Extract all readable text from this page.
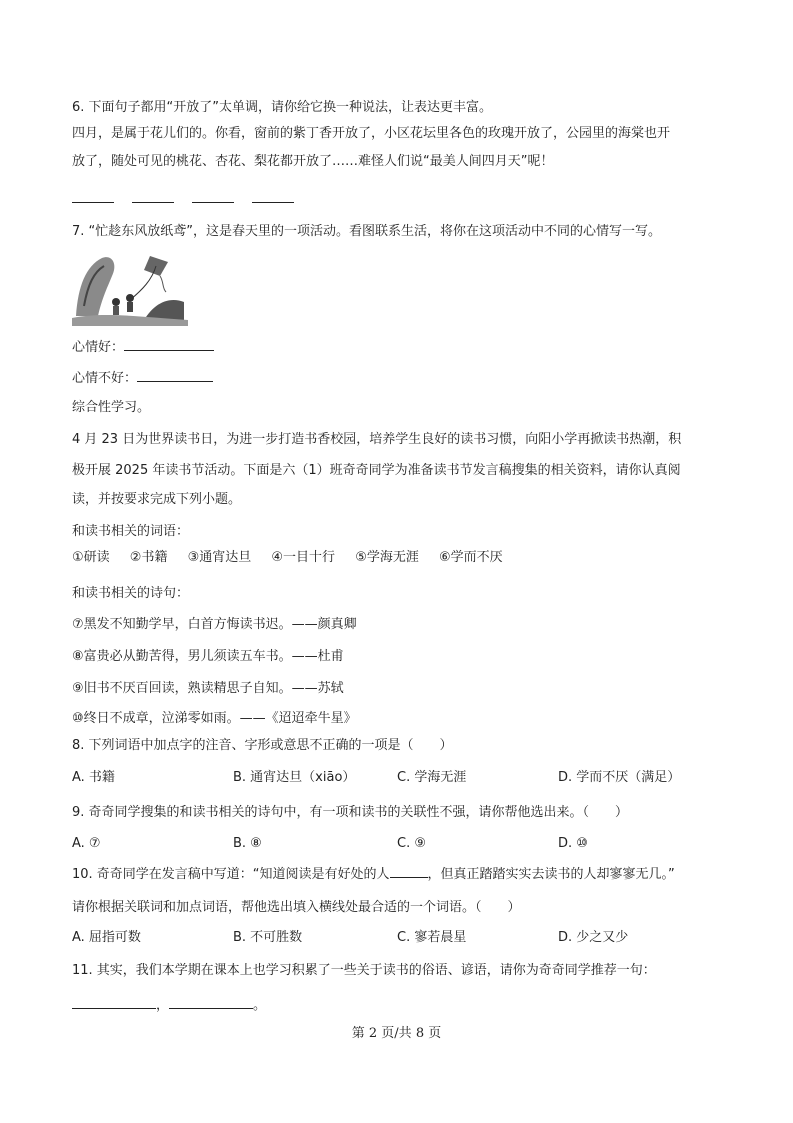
6. 下面句子都用“开放了”太单调，请你给它换一种说法，让表达更丰富。
四月，是属于花儿们的。你看，窗前的紫丁香开放了，小区花坛里各色的玫瑰开放了，公园里的海棠也开
放了，随处可见的桃花、杏花、梨花都开放了……难怪人们说“最美人间四月天”呢！

7. “忙趁东风放纸鸢”，这是春天里的一项活动。看图联系生活，将你在这项活动中不同的心情写一写。
心情好：
心情不好：
综合性学习。
4 月 23 日为世界读书日，为进一步打造书香校园，培养学生良好的读书习惯，向阳小学再掀读书热潮，积
极开展 2025 年读书节活动。下面是六（1）班奇奇同学为准备读书节发言稿搜集的相关资料，请你认真阅
读，并按要求完成下列小题。
和读书相关的词语：
①研读 ②书籍 ③通宵达旦 ④一目十行 ⑤学海无涯 ⑥学而不厌
和读书相关的诗句：
⑦黑发不知勤学早，白首方悔读书迟。——颜真卿
⑧富贵必从勤苦得，男儿须读五车书。——杜甫
⑨旧书不厌百回读，熟读精思子自知。——苏轼
⑩终日不成章，泣涕零如雨。——《迢迢牵牛星》
8. 下列词语中加点字的注音、字形或意思不正确的一项是（　　）
A. 书籍	B. 通宵达旦（xiāo）	C. 学海无涯	D. 学而不厌（满足）
9. 奇奇同学搜集的和读书相关的诗句中，有一项和读书的关联性不强，请你帮他选出来。（　　）
A. ⑦	B. ⑧	C. ⑨	D. ⑩
10. 奇奇同学在发言稿中写道：“知道阅读是有好处的人	，但真正踏踏实实去读书的人却寥寥无几。”
请你根据关联词和加点词语，帮他选出填入横线处最合适的一个词语。（　　）
A. 屈指可数	B. 不可胜数	C. 寥若晨星	D. 少之又少
11. 其实，我们本学期在课本上也学习积累了一些关于读书的俗语、谚语，请你为奇奇同学推荐一句：
，	。
第 2 页/共 8 页
